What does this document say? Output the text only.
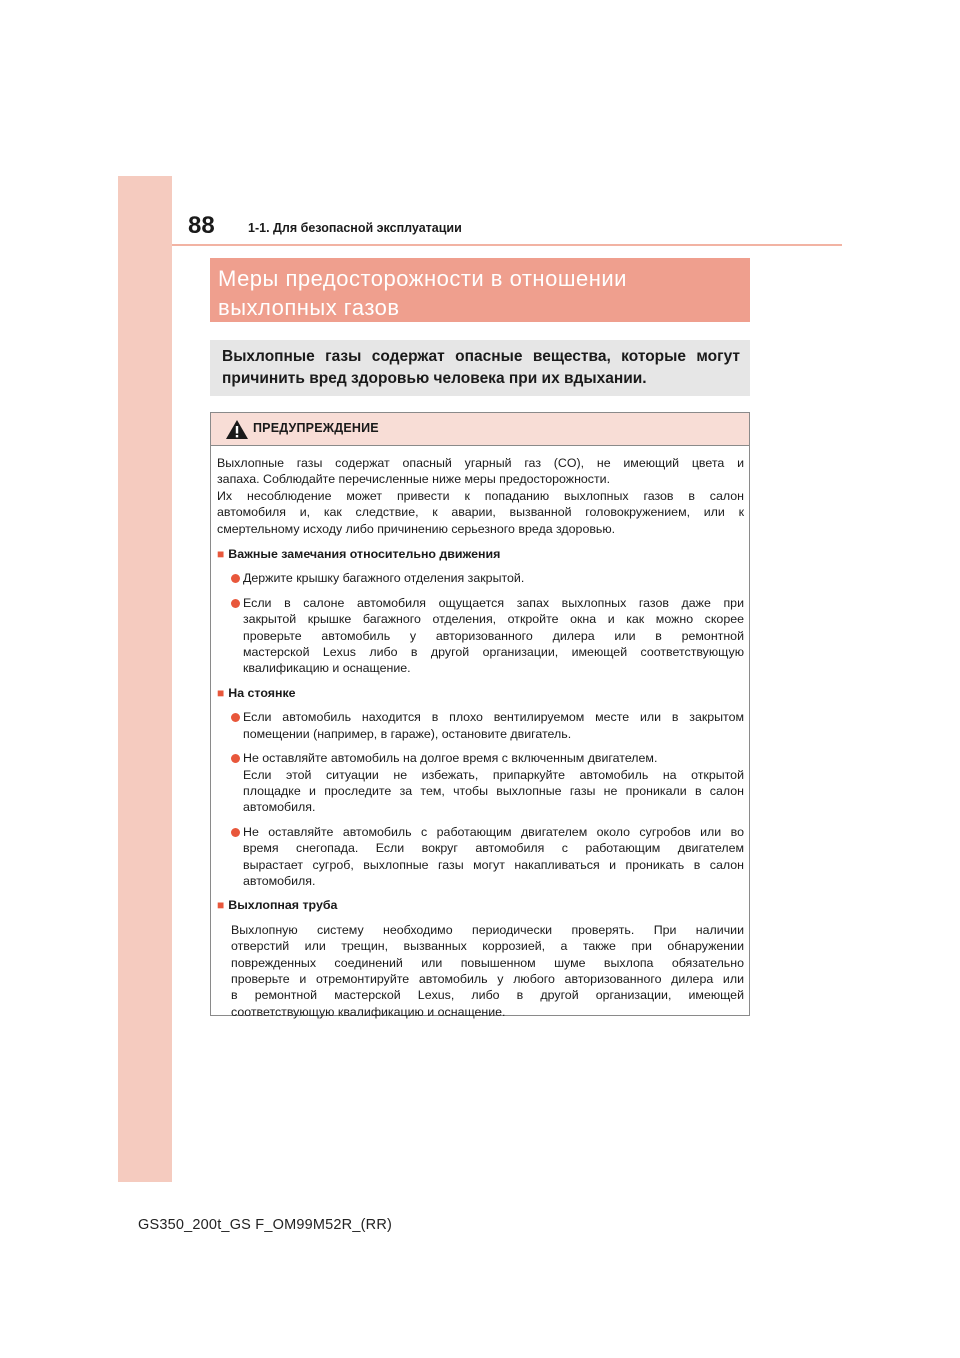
88	1-1. Для безопасной эксплуатации
Меры предосторожности в отношении
выхлопных газов
Выхлопные газы содержат опасные вещества, которые могут
причинить вред здоровью человека при их вдыхании.
ПРЕДУПРЕЖДЕНИЕ
Выхлопные газы содержат опасный угарный газ (CO), не имеющий цвета и
запаха. Соблюдайте перечисленные ниже меры предосторожности.
Их несоблюдение может привести к попаданию выхлопных газов в салон
автомобиля и, как следствие, к аварии, вызванной головокружением, или к
смертельному исходу либо причинению серьезного вреда здоровью.
■ Важные замечания относительно движения
Держите крышку багажного отделения закрытой.
Если в салоне автомобиля ощущается запах выхлопных газов даже при
закрытой крышке багажного отделения, откройте окна и как можно скорее
проверьте автомобиль у авторизованного дилера или в ремонтной
мастерской Lexus либо в другой организации, имеющей соответствующую
квалификацию и оснащение.
■ На стоянке
Если автомобиль находится в плохо вентилируемом месте или в закрытом
помещении (например, в гараже), остановите двигатель.
Не оставляйте автомобиль на долгое время с включенным двигателем.
Если этой ситуации не избежать, припаркуйте автомобиль на открытой
площадке и проследите за тем, чтобы выхлопные газы не проникали в салон
автомобиля.
Не оставляйте автомобиль с работающим двигателем около сугробов или во
время снегопада. Если вокруг автомобиля с работающим двигателем
вырастает сугроб, выхлопные газы могут накапливаться и проникать в салон
автомобиля.
■ Выхлопная труба
Выхлопную систему необходимо периодически проверять. При наличии
отверстий или трещин, вызванных коррозией, а также при обнаружении
поврежденных соединений или повышенном шуме выхлопа обязательно
проверьте и отремонтируйте автомобиль у любого авторизованного дилера или
в ремонтной мастерской Lexus, либо в другой организации, имеющей
соответствующую квалификацию и оснащение.
GS350_200t_GS F_OM99M52R_(RR)
